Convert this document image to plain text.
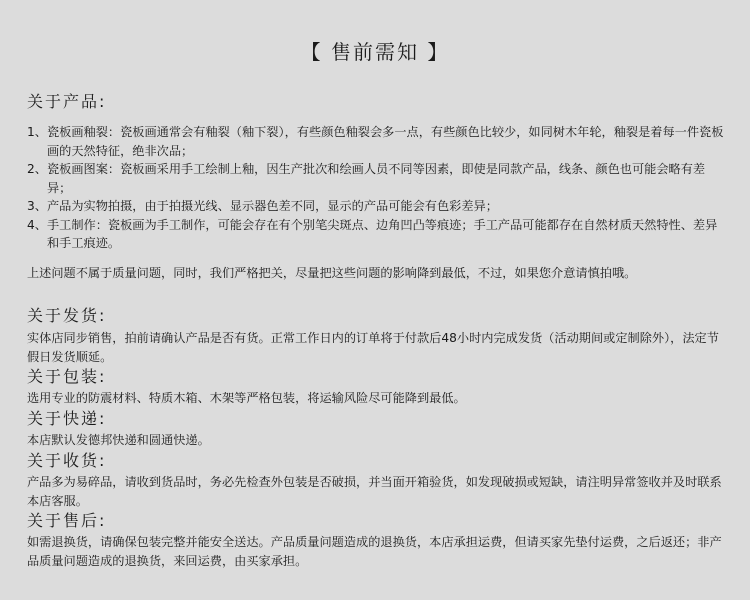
【 售前需知 】
关于产品:
1、 瓷板画釉裂：瓷板画通常会有釉裂（釉下裂），有些颜色釉裂会多一点，有些颜色比较少，如同树木年轮，釉裂是着每一件瓷板画的天然特征，绝非次品；
2、 瓷板画图案：瓷板画采用手工绘制上釉，因生产批次和绘画人员不同等因素，即使是同款产品，线条、颜色也可能会略有差异；
3、 产品为实物拍摄，由于拍摄光线、显示器色差不同，显示的产品可能会有色彩差异；
4、 手工制作：瓷板画为手工制作，可能会存在有个别笔尖斑点、边角凹凸等痕迹；手工产品可能都存在自然材质天然特性、差异和手工痕迹。
上述问题不属于质量问题，同时，我们严格把关，尽量把这些问题的影响降到最低，不过，如果您介意请慎拍哦。
关于发货:
实体店同步销售，拍前请确认产品是否有货。正常工作日内的订单将于付款后48小时内完成发货（活动期间或定制除外），法定节假日发货顺延。
关于包装:
选用专业的防震材料、特质木箱、木架等严格包装，将运输风险尽可能降到最低。
关于快递:
本店默认发德邦快递和圆通快递。
关于收货:
产品多为易碎品，请收到货品时，务必先检查外包装是否破损，并当面开箱验货，如发现破损或短缺，请注明异常签收并及时联系本店客服。
关于售后:
如需退换货，请确保包装完整并能安全送达。产品质量问题造成的退换货，本店承担运费，但请买家先垫付运费，之后返还；非产品质量问题造成的退换货，来回运费，由买家承担。
